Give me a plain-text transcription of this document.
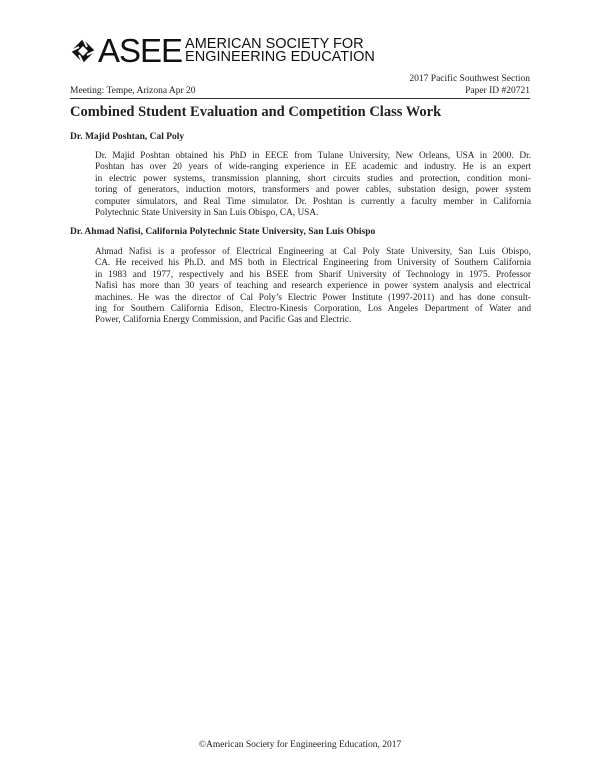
ASEE AMERICAN SOCIETY FOR
ENGINEERING EDUCATION
2017 Pacific Southwest Section
Meeting: Tempe, Arizona Apr 20	Paper ID #20721
Combined Student Evaluation and Competition Class Work
Dr. Majid Poshtan, Cal Poly
Dr. Majid Poshtan obtained his PhD in EECE from Tulane University, New Orleans, USA in 2000. Dr.
Poshtan has over 20 years of wide-ranging experience in EE academic and industry. He is an expert
in electric power systems, transmission planning, short circuits studies and protection, condition moni-
toring of generators, induction motors, transformers and power cables, substation design, power system
computer simulators, and Real Time simulator. Dr. Poshtan is currently a faculty member in California
Polytechnic State University in San Luis Obispo, CA, USA.
Dr. Ahmad Nafisi, California Polytechnic State University, San Luis Obispo
Ahmad Nafisi is a professor of Electrical Engineering at Cal Poly State University, San Luis Obispo,
CA. He received his Ph.D. and MS both in Electrical Engineering from University of Southern California
in 1983 and 1977, respectively and his BSEE from Sharif University of Technology in 1975. Professor
Nafisi has more than 30 years of teaching and research experience in power system analysis and electrical
machines. He was the director of Cal Poly’s Electric Power Institute (1997-2011) and has done consult-
ing for Southern California Edison, Electro-Kinesis Corporation, Los Angeles Department of Water and
Power, California Energy Commission, and Pacific Gas and Electric.
©American Society for Engineering Education, 2017
